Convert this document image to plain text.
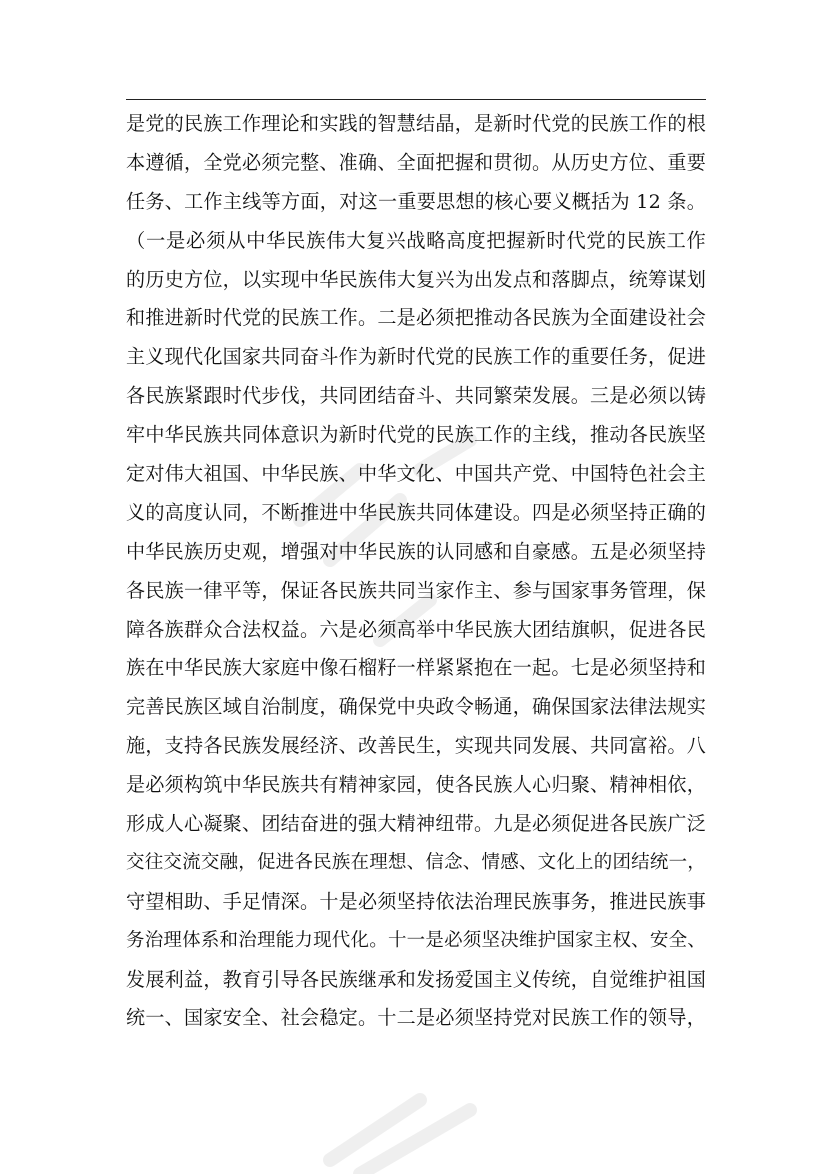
是党的民族工作理论和实践的智慧结晶，是新时代党的民族工作的根
本遵循，全党必须完整、准确、全面把握和贯彻。从历史方位、重要
任务、工作主线等方面，对这一重要思想的核心要义概括为 12 条。
（一是必须从中华民族伟大复兴战略高度把握新时代党的民族工作
的历史方位，以实现中华民族伟大复兴为出发点和落脚点，统筹谋划
和推进新时代党的民族工作。二是必须把推动各民族为全面建设社会
主义现代化国家共同奋斗作为新时代党的民族工作的重要任务，促进
各民族紧跟时代步伐，共同团结奋斗、共同繁荣发展。三是必须以铸
牢中华民族共同体意识为新时代党的民族工作的主线，推动各民族坚
定对伟大祖国、中华民族、中华文化、中国共产党、中国特色社会主
义的高度认同，不断推进中华民族共同体建设。四是必须坚持正确的
中华民族历史观，增强对中华民族的认同感和自豪感。五是必须坚持
各民族一律平等，保证各民族共同当家作主、参与国家事务管理，保
障各族群众合法权益。六是必须高举中华民族大团结旗帜，促进各民
族在中华民族大家庭中像石榴籽一样紧紧抱在一起。七是必须坚持和
完善民族区域自治制度，确保党中央政令畅通，确保国家法律法规实
施，支持各民族发展经济、改善民生，实现共同发展、共同富裕。八
是必须构筑中华民族共有精神家园，使各民族人心归聚、精神相依，
形成人心凝聚、团结奋进的强大精神纽带。九是必须促进各民族广泛
交往交流交融，促进各民族在理想、信念、情感、文化上的团结统一，
守望相助、手足情深。十是必须坚持依法治理民族事务，推进民族事
务治理体系和治理能力现代化。十一是必须坚决维护国家主权、安全、
发展利益，教育引导各民族继承和发扬爱国主义传统，自觉维护祖国
统一、国家安全、社会稳定。十二是必须坚持党对民族工作的领导，
